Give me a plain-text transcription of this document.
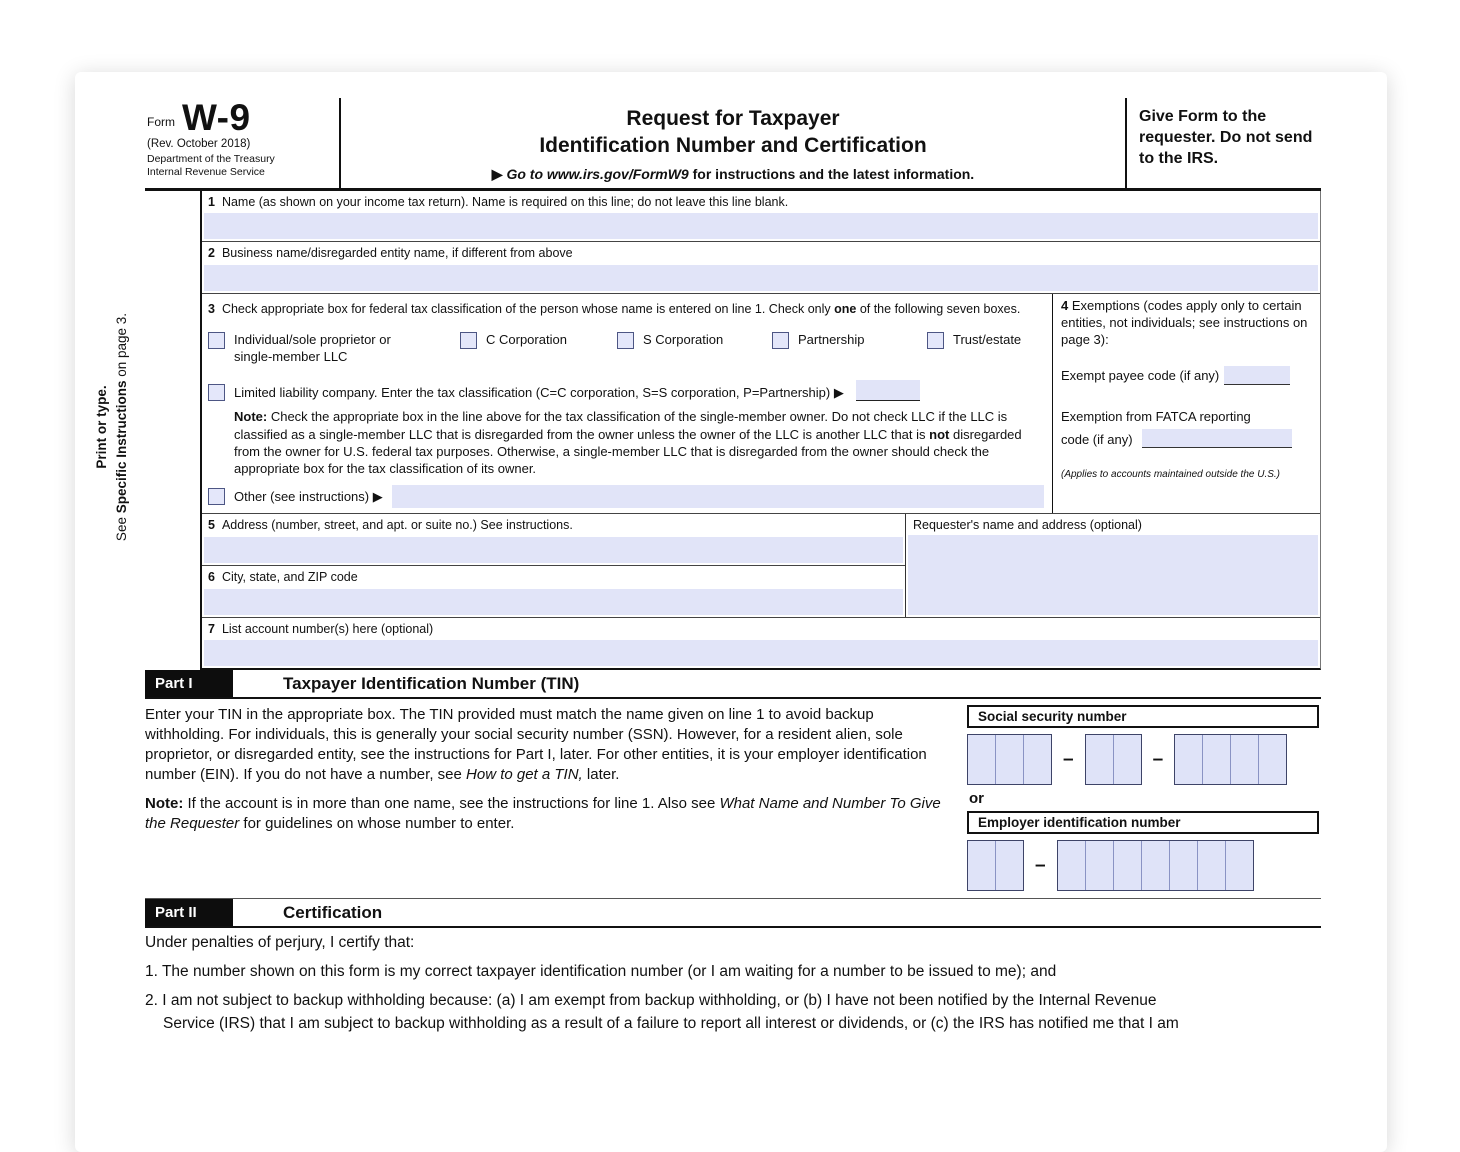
Form W-9
(Rev. October 2018)
Department of the Treasury
Internal Revenue Service
Request for Taxpayer
Identification Number and Certification
▶ Go to www.irs.gov/FormW9 for instructions and the latest information.
Give Form to the requester. Do not send to the IRS.
Print or type.
See Specific Instructions on page 3.
1 Name (as shown on your income tax return). Name is required on this line; do not leave this line blank.
2 Business name/disregarded entity name, if different from above
3 Check appropriate box for federal tax classification of the person whose name is entered on line 1. Check only one of the following seven boxes.
Individual/sole proprietor or
single-member LLC
C Corporation	S Corporation	Partnership	Trust/estate
Limited liability company. Enter the tax classification (C=C corporation, S=S corporation, P=Partnership) ▶
Note: Check the appropriate box in the line above for the tax classification of the single-member owner. Do not check LLC if the LLC is classified as a single-member LLC that is disregarded from the owner unless the owner of the LLC is another LLC that is not disregarded from the owner for U.S. federal tax purposes. Otherwise, a single-member LLC that is disregarded from the owner should check the appropriate box for the tax classification of its owner.
Other (see instructions) ▶
4 Exemptions (codes apply only to certain entities, not individuals; see instructions on page 3):
Exempt payee code (if any)
Exemption from FATCA reporting
code (if any)
(Applies to accounts maintained outside the U.S.)
5 Address (number, street, and apt. or suite no.) See instructions.
6 City, state, and ZIP code
Requester's name and address (optional)
7 List account number(s) here (optional)
Part I	Taxpayer Identification Number (TIN)
Enter your TIN in the appropriate box. The TIN provided must match the name given on line 1 to avoid backup withholding. For individuals, this is generally your social security number (SSN). However, for a resident alien, sole proprietor, or disregarded entity, see the instructions for Part I, later. For other entities, it is your employer identification number (EIN). If you do not have a number, see How to get a TIN, later.
Note: If the account is in more than one name, see the instructions for line 1. Also see What Name and Number To Give the Requester for guidelines on whose number to enter.
Social security number
–	–
or
Employer identification number
–
Part II	Certification
Under penalties of perjury, I certify that:
1. The number shown on this form is my correct taxpayer identification number (or I am waiting for a number to be issued to me); and
2. I am not subject to backup withholding because: (a) I am exempt from backup withholding, or (b) I have not been notified by the Internal Revenue
Service (IRS) that I am subject to backup withholding as a result of a failure to report all interest or dividends, or (c) the IRS has notified me that I am
